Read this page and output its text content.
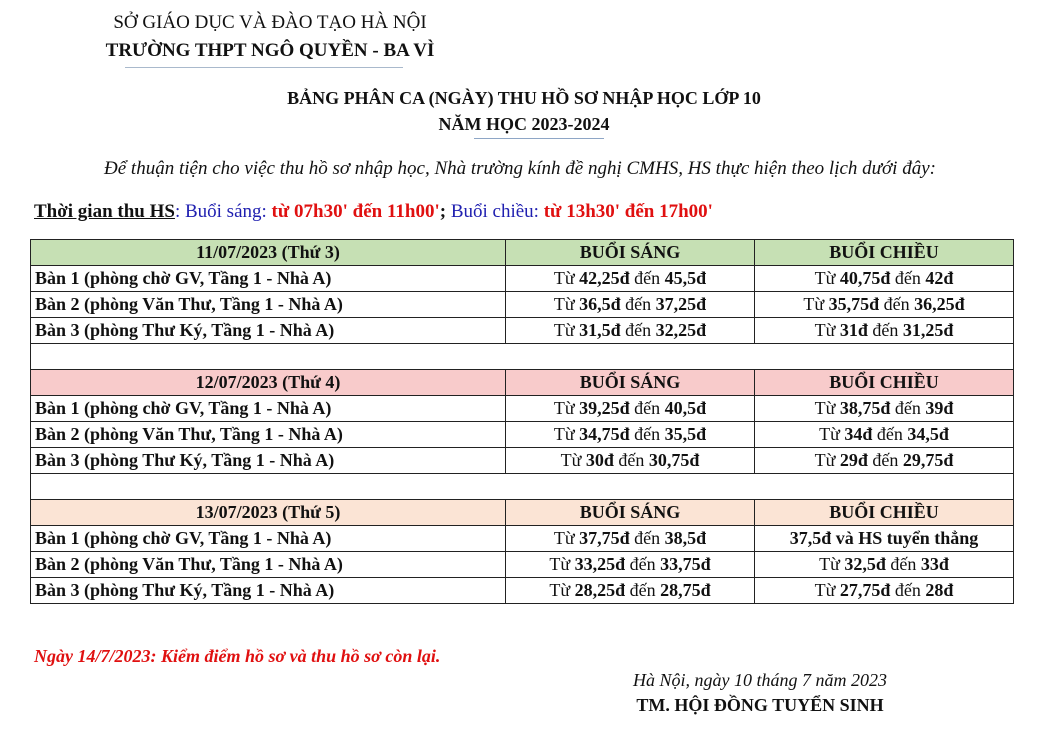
SỞ GIÁO DỤC VÀ ĐÀO TẠO HÀ NỘI
TRƯỜNG THPT NGÔ QUYỀN - BA VÌ
BẢNG PHÂN CA (NGÀY) THU HỒ SƠ NHẬP HỌC LỚP 10
NĂM HỌC 2023-2024
Để thuận tiện cho việc thu hồ sơ nhập học, Nhà trường kính đề nghị CMHS, HS thực hiện theo lịch dưới đây:
Thời gian thu HS: Buổi sáng: từ 07h30' đến 11h00'; Buổi chiều: từ 13h30' đến 17h00'
11/07/2023 (Thứ 3)	BUỔI SÁNG	BUỔI CHIỀU
Bàn 1 (phòng chờ GV, Tầng 1 - Nhà A)	Từ 42,25đ đến 45,5đ	Từ 40,75đ đến 42đ
Bàn 2 (phòng Văn Thư, Tầng 1 - Nhà A)	Từ 36,5đ đến 37,25đ	Từ 35,75đ đến 36,25đ
Bàn 3 (phòng Thư Ký, Tầng 1 - Nhà A)	Từ 31,5đ đến 32,25đ	Từ 31đ đến 31,25đ

12/07/2023 (Thứ 4)	BUỔI SÁNG	BUỔI CHIỀU
Bàn 1 (phòng chờ GV, Tầng 1 - Nhà A)	Từ 39,25đ đến 40,5đ	Từ 38,75đ đến 39đ
Bàn 2 (phòng Văn Thư, Tầng 1 - Nhà A)	Từ 34,75đ đến 35,5đ	Từ 34đ đến 34,5đ
Bàn 3 (phòng Thư Ký, Tầng 1 - Nhà A)	Từ 30đ đến 30,75đ	Từ 29đ đến 29,75đ

13/07/2023 (Thứ 5)	BUỔI SÁNG	BUỔI CHIỀU
Bàn 1 (phòng chờ GV, Tầng 1 - Nhà A)	Từ 37,75đ đến 38,5đ	37,5đ và HS tuyển thẳng
Bàn 2 (phòng Văn Thư, Tầng 1 - Nhà A)	Từ 33,25đ đến 33,75đ	Từ 32,5đ đến 33đ
Bàn 3 (phòng Thư Ký, Tầng 1 - Nhà A)	Từ 28,25đ đến 28,75đ	Từ 27,75đ đến 28đ
Ngày 14/7/2023: Kiểm điểm hồ sơ và thu hồ sơ còn lại.
Hà Nội, ngày 10 tháng 7 năm 2023
TM. HỘI ĐỒNG TUYỂN SINH
